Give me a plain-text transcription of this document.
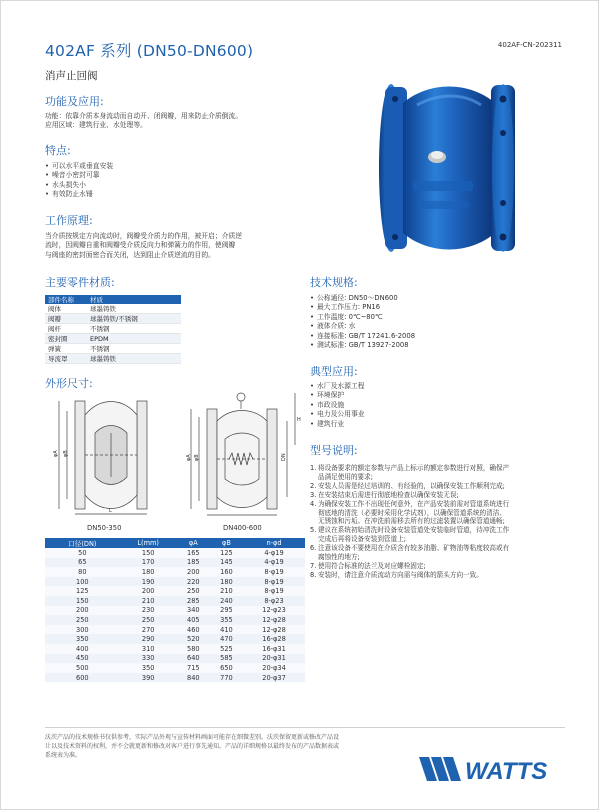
402AF 系列 (DN50-DN600)	402AF-CN-202311
消声止回阀
功能及应用:
功能：依靠介质本身流动而自动开、闭阀瓣，用来防止介质倒流。
应用区域：建筑行业、水处理等。
特点:
• 可以水平或垂直安装
• 噪音小密封可靠
• 水头损失小
• 有效防止水锤
工作原理:
当介质按规定方向流动时，阀瓣受介质力的作用，被开启；介质逆
流时，因阀瓣自重和阀瓣受介质反向力和弹簧力的作用，使阀瓣
与阀座的密封面密合而关闭，达到阻止介质逆流的目的。
主要零件材质:
部件名称	材质
阀体	球墨铸铁
阀瓣	球墨铸铁/不锈钢
阀杆	不锈钢
密封圈	EPDM
弹簧	不锈钢
导流罩	球墨铸铁
外形尺寸:
φA φB
L
DN50-350
φA φB	DN
H
DN400-600
口径(DN)	L(mm)	φA	φB	n-φd
50	150	165	125	4-φ19
65	170	185	145	4-φ19
80	180	200	160	8-φ19
100	190	220	180	8-φ19
125	200	250	210	8-φ19
150	210	285	240	8-φ23
200	230	340	295	12-φ23
250	250	405	355	12-φ28
300	270	460	410	12-φ28
350	290	520	470	16-φ28
400	310	580	525	16-φ31
450	330	640	585	20-φ31
500	350	715	650	20-φ34
600	390	840	770	20-φ37
技术规格:
• 公称通径: DN50～DN600
• 最大工作压力: PN16
• 工作温度: 0℃~80℃
• 液体介质: 水
• 连接标准: GB/T 17241.6-2008
• 测试标准: GB/T 13927-2008
典型应用:
• 水厂及水源工程
• 环境保护
• 市政设施
• 电力及公用事业
• 建筑行业
型号说明:
1. 将设备要求的额定参数与产品上标示的额定参数进行对照，确保产
品满足使用的要求;
2. 安装人员需是经过培训的、有经验的，以确保安装工作顺利完成;
3. 在安装结束后需进行彻底地检查以确保安装无误;
4. 为确保安装工作不出现任何意外，在产品安装前需对管道系统进行
彻底地的清洗（必要时采用化学试剂），以确保管道系统的清洁、
无锈蚀和污垢。在冲洗前需移去所有的过滤装置以确保管道通畅;
5. 建议在系统初始清洗时设备安装管道处安装临时管道，待冲洗工作
完成后再将设备安装到管道上;
6. 注意该设备不要使用在介质含有较多油脂、矿物油等粘度较高或有
腐蚀性的地方;
7. 使用符合标准的法兰及对应螺栓固定;
8. 安装时，请注意介质流动方向需与阀体的箭头方向一致。
沃茨产品的技术规格书仅供参考，实际产品外观与宣传材料画面可能存在细微差别。沃茨保留更新或修改产品设
计以及技术资料的权利，并不会就更新和修改对客户进行事先通知。产品的详细规格以最终发布的产品数据表或
系统表为准。
WATTS
